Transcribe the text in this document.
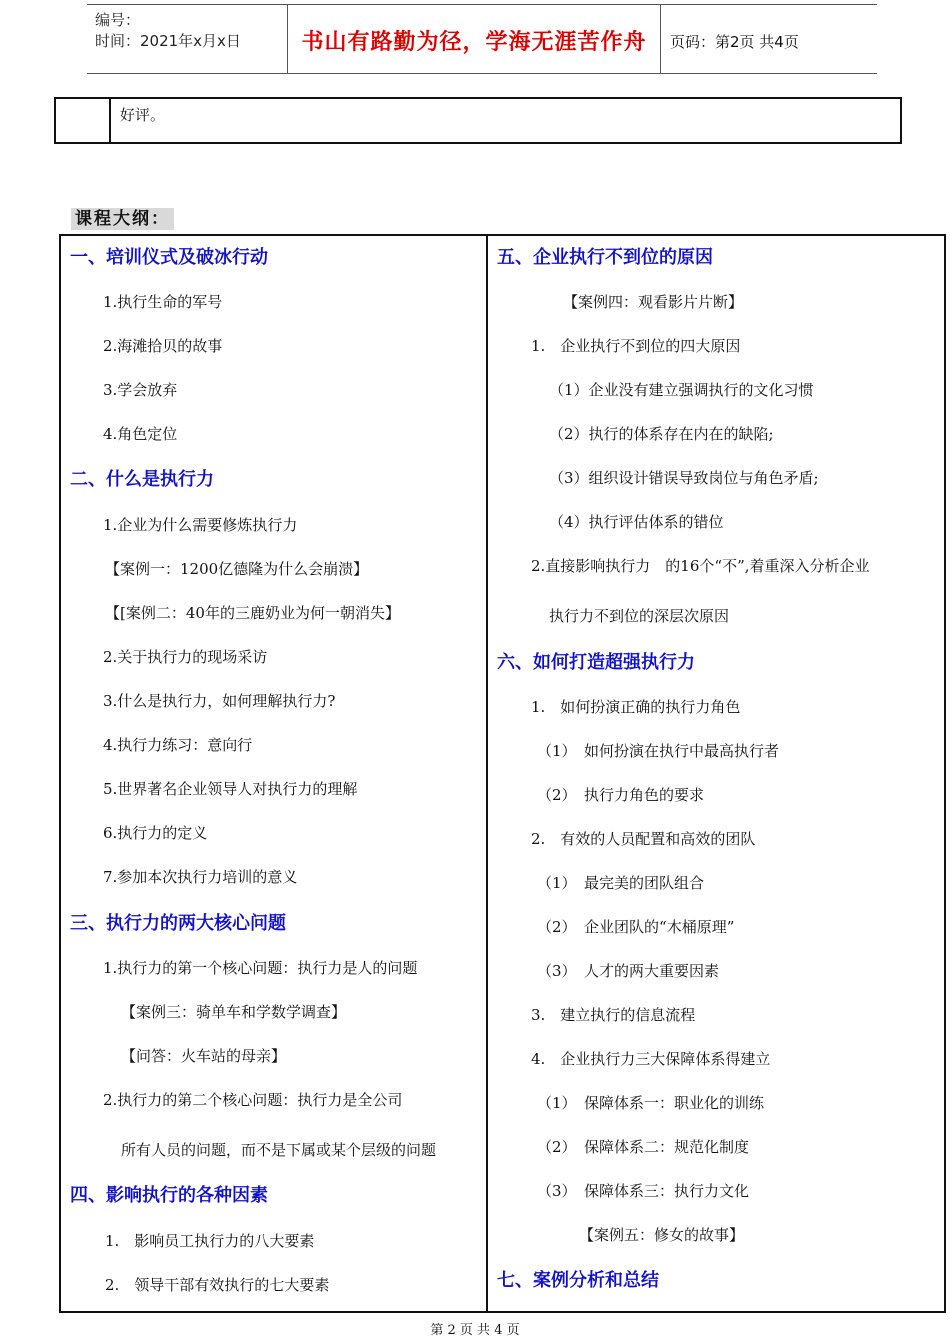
编号：
时间：2021年x月x日	书山有路勤为径，学海无涯苦作舟	页码：第2页 共4页
好评。
课程大纲：
一、培训仪式及破冰行动
1.执行生命的军号
2.海滩拾贝的故事
3.学会放弃
4.角色定位
二、什么是执行力
1.企业为什么需要修炼执行力
【案例一：1200亿德隆为什么会崩溃】
【[案例二：40年的三鹿奶业为何一朝消失】
2.关于执行力的现场采访
3.什么是执行力，如何理解执行力?
4.执行力练习：意向行
5.世界著名企业领导人对执行力的理解
6.执行力的定义
7.参加本次执行力培训的意义
三、执行力的两大核心问题
1.执行力的第一个核心问题：执行力是人的问题
【案例三：骑单车和学数学调查】
【问答：火车站的母亲】
2.执行力的第二个核心问题：执行力是全公司
所有人员的问题，而不是下属或某个层级的问题
四、影响执行的各种因素
1.　影响员工执行力的八大要素
2.　领导干部有效执行的七大要素
五、企业执行不到位的原因
【案例四：观看影片片断】
1.　企业执行不到位的四大原因
（1）企业没有建立强调执行的文化习惯
（2）执行的体系存在内在的缺陷;
（3）组织设计错误导致岗位与角色矛盾;
（4）执行评估体系的错位
2.直接影响执行力　的16个“不”,着重深入分析企业
执行力不到位的深层次原因
六、如何打造超强执行力
1.　如何扮演正确的执行力角色
（1）　如何扮演在执行中最高执行者
（2）　执行力角色的要求
2.　有效的人员配置和高效的团队
（1）　最完美的团队组合
（2）　企业团队的“木桶原理”
（3）　人才的两大重要因素
3.　建立执行的信息流程
4.　企业执行力三大保障体系得建立
（1）　保障体系一：职业化的训练
（2）　保障体系二：规范化制度
（3）　保障体系三：执行力文化
【案例五：修女的故事】
七、案例分析和总结
第 2 页 共 4 页
